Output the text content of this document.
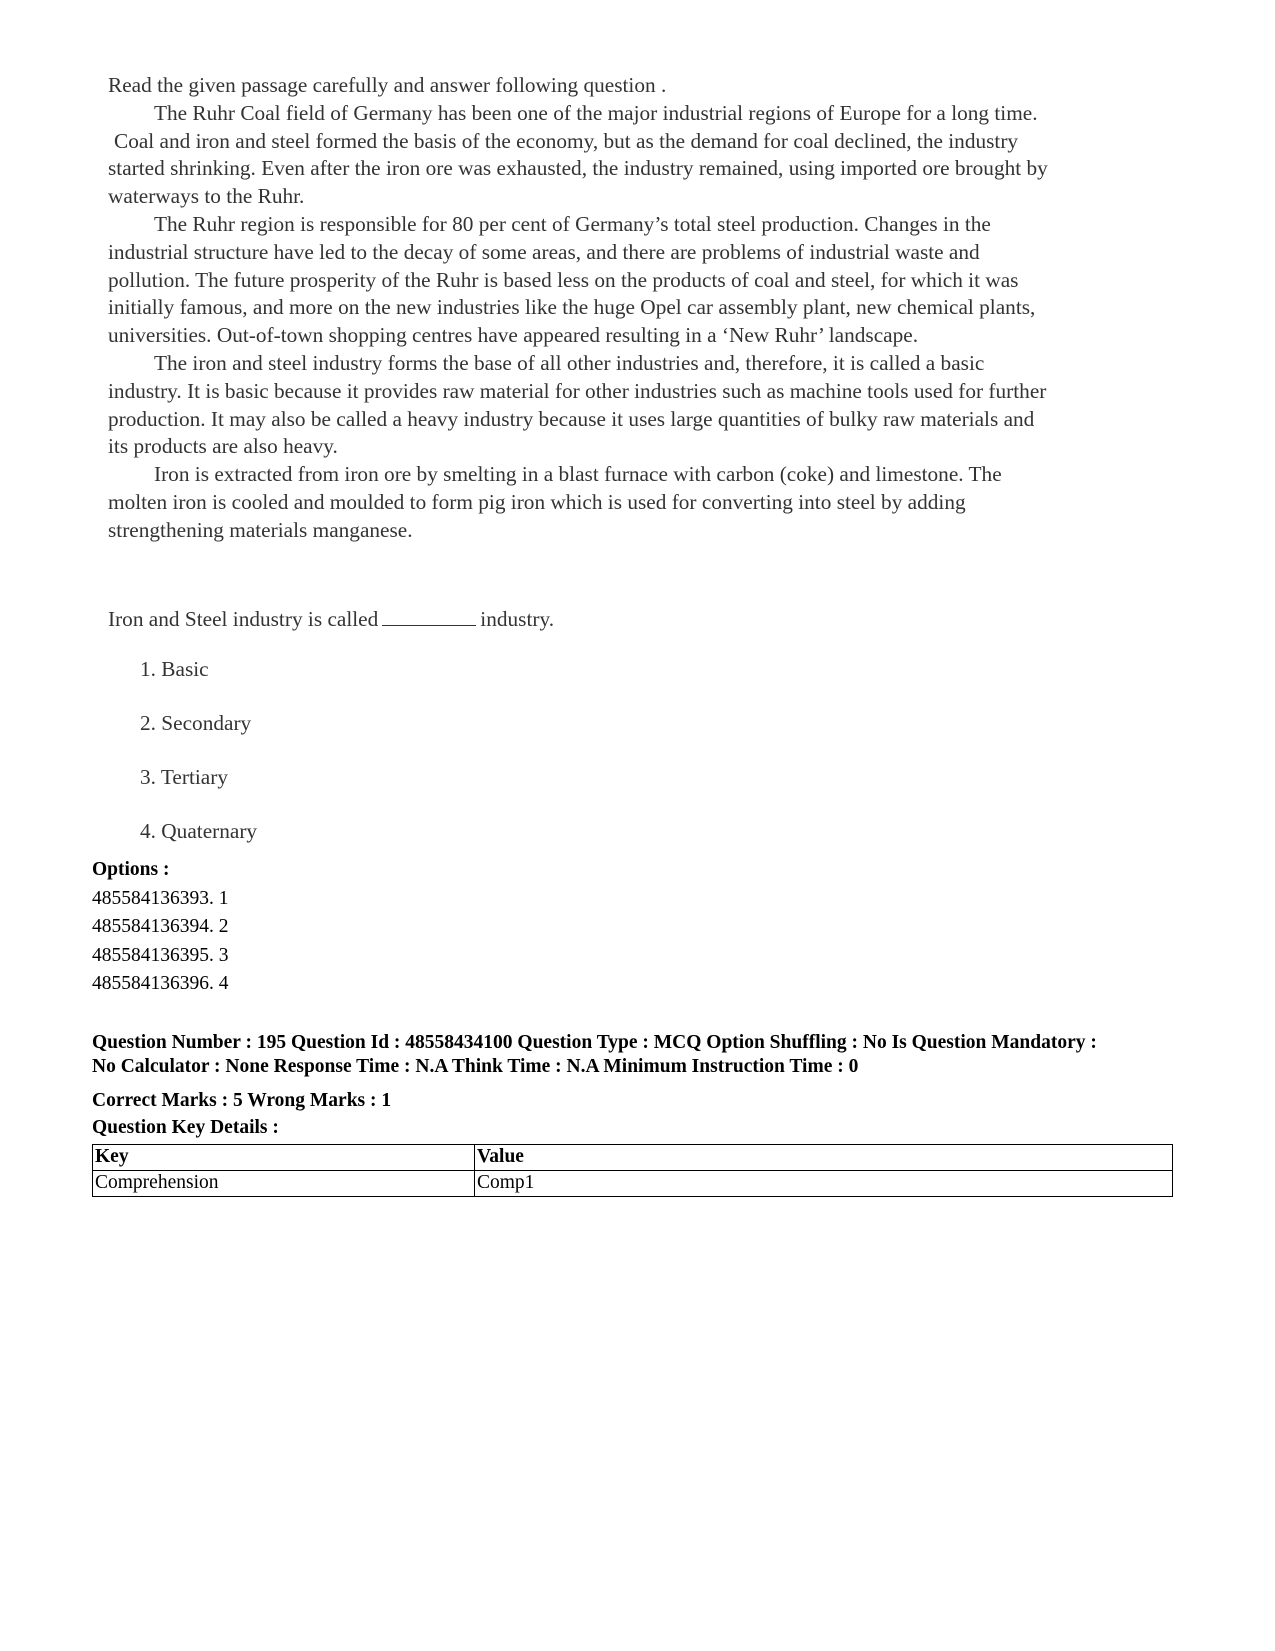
Read the given passage carefully and answer following question .
The Ruhr Coal field of Germany has been one of the major industrial regions of Europe for a long time.
Coal and iron and steel formed the basis of the economy, but as the demand for coal declined, the industry
started shrinking. Even after the iron ore was exhausted, the industry remained, using imported ore brought by
waterways to the Ruhr.
The Ruhr region is responsible for 80 per cent of Germany’s total steel production. Changes in the
industrial structure have led to the decay of some areas, and there are problems of industrial waste and
pollution. The future prosperity of the Ruhr is based less on the products of coal and steel, for which it was
initially famous, and more on the new industries like the huge Opel car assembly plant, new chemical plants,
universities. Out-of-town shopping centres have appeared resulting in a ‘New Ruhr’ landscape.
The iron and steel industry forms the base of all other industries and, therefore, it is called a basic
industry. It is basic because it provides raw material for other industries such as machine tools used for further
production. It may also be called a heavy industry because it uses large quantities of bulky raw materials and
its products are also heavy.
Iron is extracted from iron ore by smelting in a blast furnace with carbon (coke) and limestone. The
molten iron is cooled and moulded to form pig iron which is used for converting into steel by adding
strengthening materials manganese.
Iron and Steel industry is called	industry.
1. Basic
2. Secondary
3. Tertiary
4. Quaternary
Options :
485584136393. 1
485584136394. 2
485584136395. 3
485584136396. 4
Question Number : 195 Question Id : 48558434100 Question Type : MCQ Option Shuffling : No Is Question Mandatory :
No Calculator : None Response Time : N.A Think Time : N.A Minimum Instruction Time : 0
Correct Marks : 5 Wrong Marks : 1
Question Key Details :
Key	Value
Comprehension	Comp1
